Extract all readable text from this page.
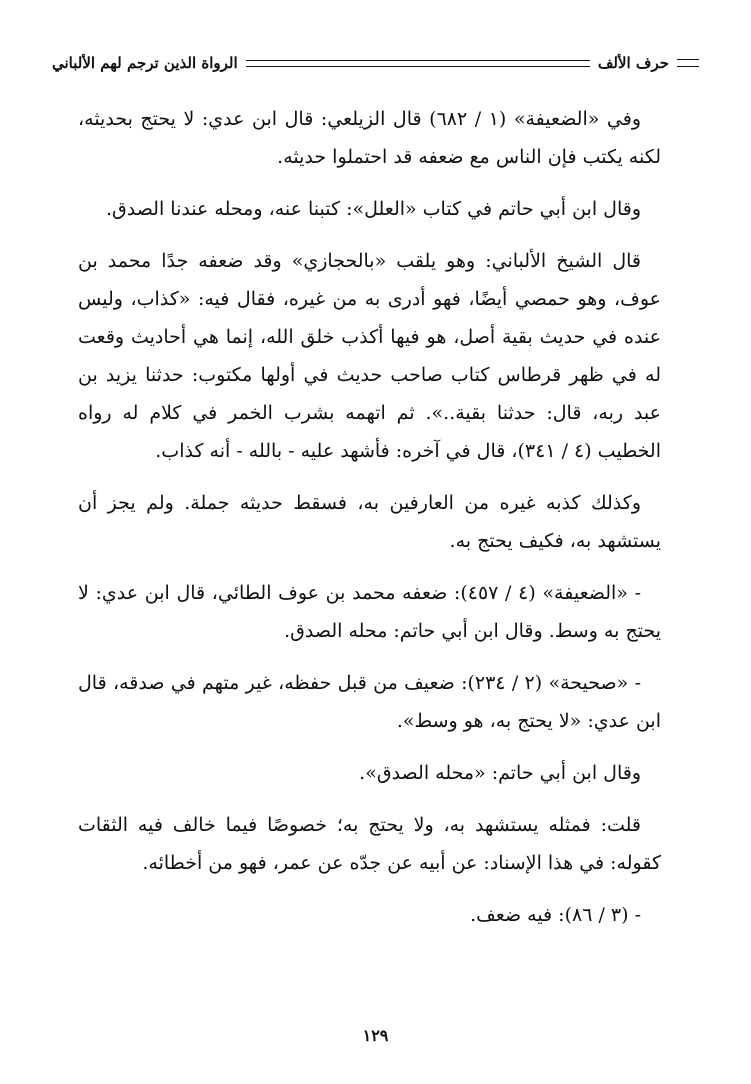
حرف الألف
الرواة الذين ترجم لهم الألباني

وفي «الضعيفة» (١ / ٦٨٢) قال الزيلعي: قال ابن عدي: لا يحتج بحديثه، لكنه يكتب فإن الناس مع ضعفه قد احتملوا حديثه.

وقال ابن أبي حاتم في كتاب «العلل»: كتبنا عنه، ومحله عندنا الصدق.

قال الشيخ الألباني: وهو يلقب «بالحجازي» وقد ضعفه جدًا محمد بن عوف، وهو حمصي أيضًا، فهو أدرى به من غيره، فقال فيه: «كذاب، وليس عنده في حديث بقية أصل، هو فيها أكذب خلق الله، إنما هي أحاديث وقعت له في ظهر قرطاس كتاب صاحب حديث في أولها مكتوب: حدثنا يزيد بن عبد ربه، قال: حدثنا بقية..». ثم اتهمه بشرب الخمر في كلام له رواه الخطيب (٤ / ٣٤١)، قال في آخره: فأشهد عليه - بالله - أنه كذاب.

وكذلك كذبه غيره من العارفين به، فسقط حديثه جملة. ولم يجز أن يستشهد به، فكيف يحتج به.

- «الضعيفة» (٤ / ٤٥٧): ضعفه محمد بن عوف الطائي، قال ابن عدي: لا يحتج به وسط. وقال ابن أبي حاتم: محله الصدق.

- «صحيحة» (٢ / ٢٣٤): ضعيف من قبل حفظه، غير متهم في صدقه، قال ابن عدي: «لا يحتج به، هو وسط».

وقال ابن أبي حاتم: «محله الصدق».

قلت: فمثله يستشهد به، ولا يحتج به؛ خصوصًا فيما خالف فيه الثقات كقوله: في هذا الإسناد: عن أبيه عن جدّه عن عمر، فهو من أخطائه.

- (٣ / ٨٦): فيه ضعف.

١٢٩
